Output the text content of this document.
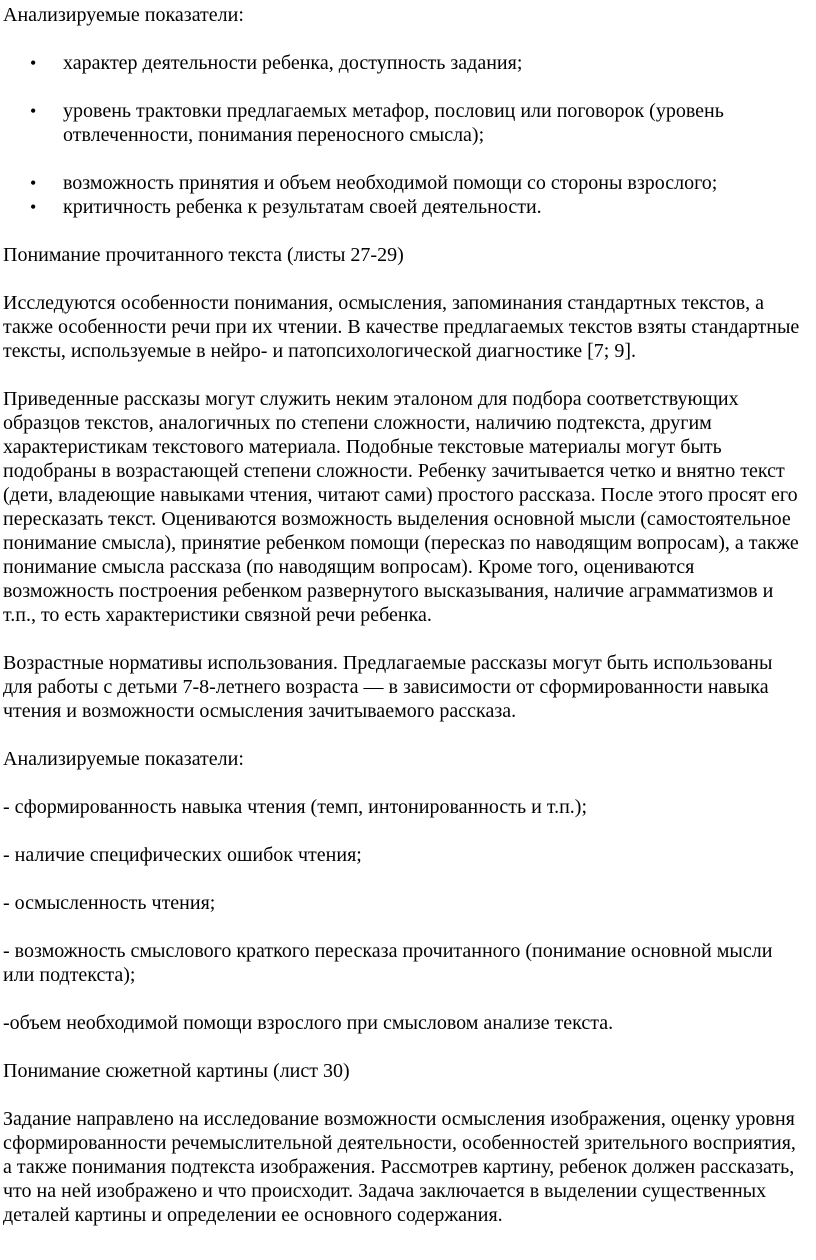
Анализируемые показатели:

• характер деятельности ребенка, доступность задания;
• уровень трактовки предлагаемых метафор, пословиц или поговорок (уровень отвлеченности, понимания переносного смысла);
• возможность принятия и объем необходимой помощи со стороны взрослого;
• критичность ребенка к результатам своей деятельности.

Понимание прочитанного текста (листы 27-29)

Исследуются особенности понимания, осмысления, запоминания стандартных текстов, а также особенности речи при их чтении. В качестве предлагаемых текстов взяты стандартные тексты, используемые в нейро- и патопсихологической диагностике [7; 9].

Приведенные рассказы могут служить неким эталоном для подбора соответствующих образцов текстов, аналогичных по степени сложности, наличию подтекста, другим характеристикам текстового материала. Подобные текстовые материалы могут быть подобраны в возрастающей степени сложности. Ребенку зачитывается четко и внятно текст (дети, владеющие навыками чтения, читают сами) простого рассказа. После этого просят его пересказать текст. Оцениваются возможность выделения основной мысли (самостоятельное понимание смысла), принятие ребенком помощи (пересказ по наводящим вопросам), а также понимание смысла рассказа (по наводящим вопросам). Кроме того, оцениваются возможность построения ребенком развернутого высказывания, наличие аграмматизмов и т.п., то есть характеристики связной речи ребенка.

Возрастные нормативы использования. Предлагаемые рассказы могут быть использованы для работы с детьми 7-8-летнего возраста — в зависимости от сформированности навыка чтения и возможности осмысления зачитываемого рассказа.

Анализируемые показатели:

- сформированность навыка чтения (темп, интонированность и т.п.);

- наличие специфических ошибок чтения;

- осмысленность чтения;

- возможность смыслового краткого пересказа прочитанного (понимание основной мысли или подтекста);

-объем необходимой помощи взрослого при смысловом анализе текста.

Понимание сюжетной картины (лист 30)

Задание направлено на исследование возможности осмысления изображения, оценку уровня сформированности речемыслительной деятельности, особенностей зрительного восприятия, а также понимания подтекста изображения. Рассмотрев картину, ребенок должен рассказать, что на ней изображено и что происходит. Задача заключается в выделении существенных деталей картины и определении ее основного содержания.
